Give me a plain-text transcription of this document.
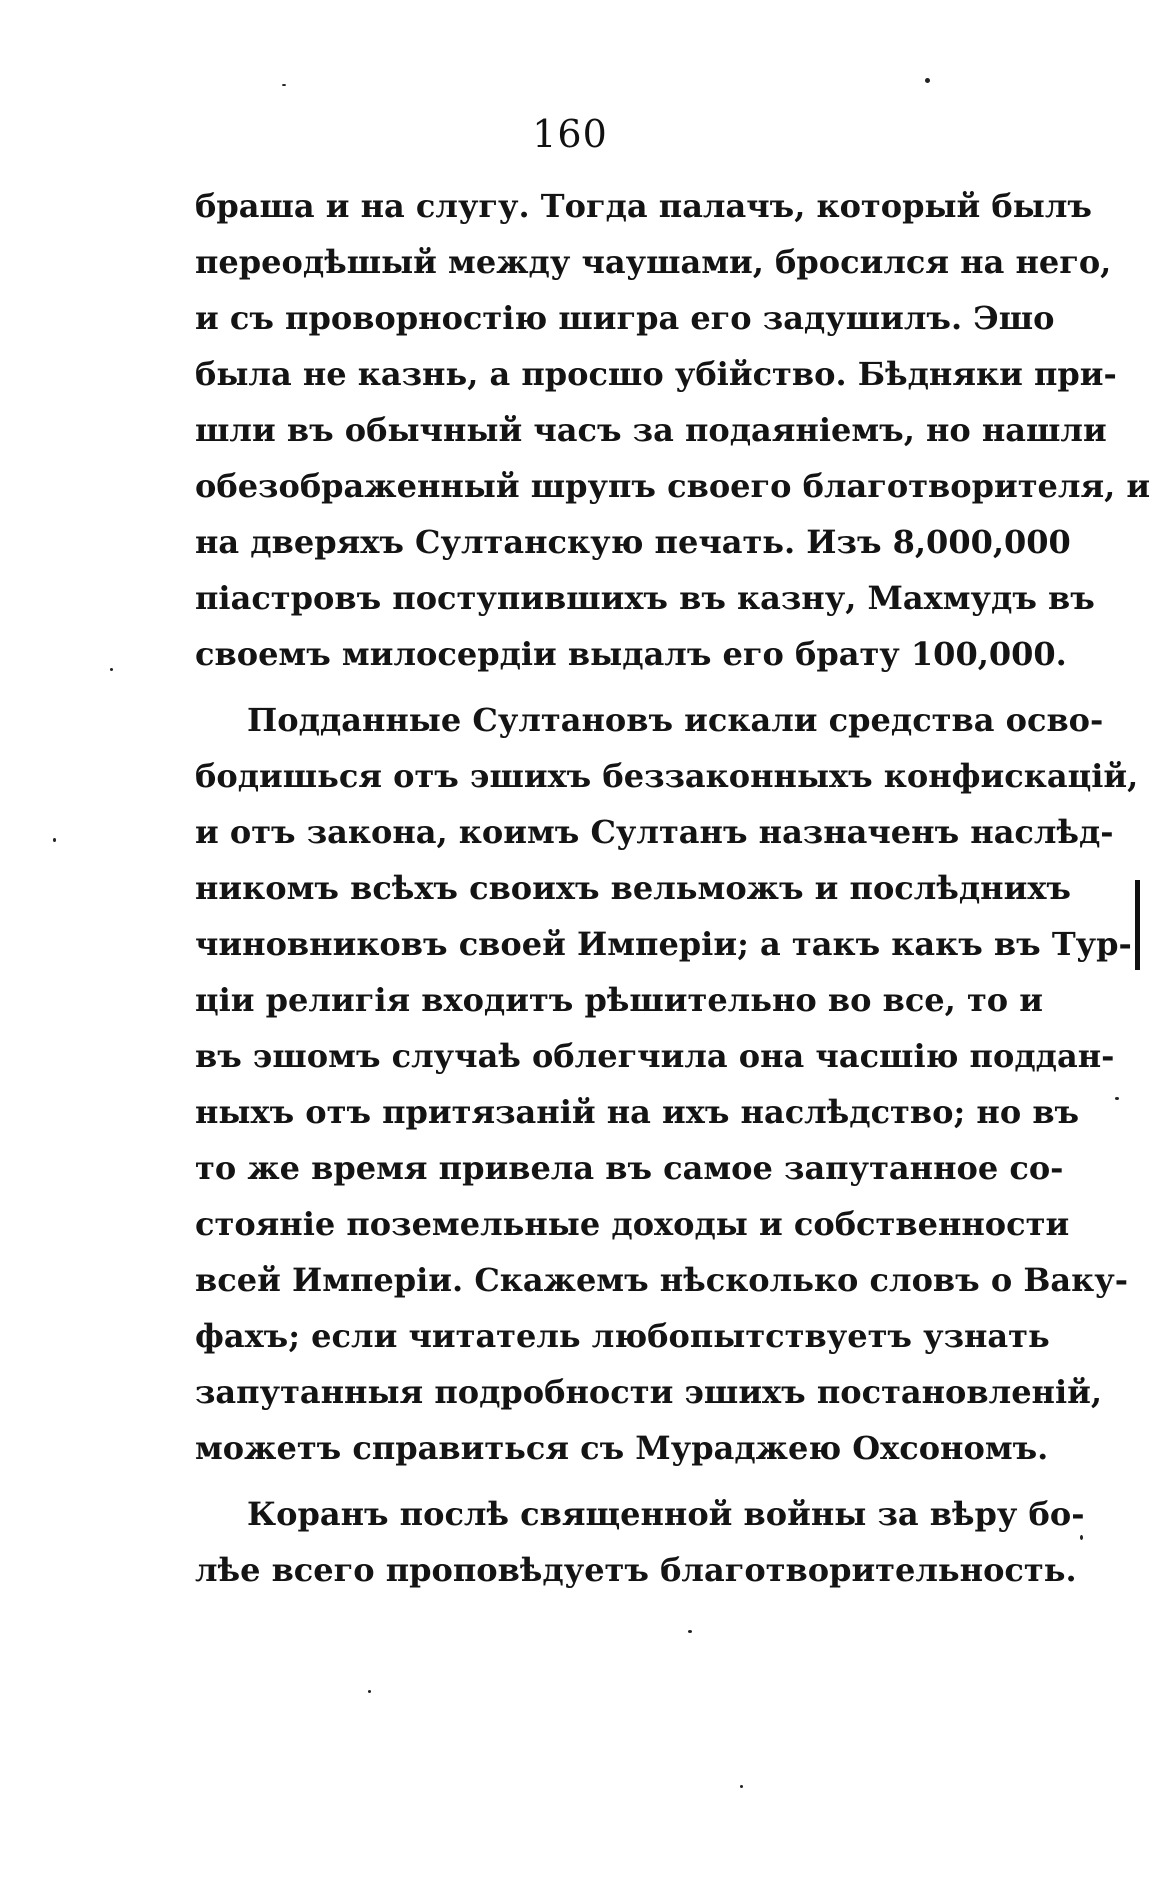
160
браша и на слугу. Тогда палачъ, который былъ
переодѣшый между чаушами, бросился на него,
и съ проворностію шигра его задушилъ. Эшо
была не казнь, а просшо убійство. Бѣдняки при-
шли въ обычный часъ за подаяніемъ, но нашли
обезображенный шрупъ своего благотворителя, и
на дверяхъ Султанскую печать. Изъ 8,000,000
піастровъ поступившихъ въ казну, Махмудъ въ
своемъ милосердіи выдалъ его брату 100,000.
Подданные Султановъ искали средства осво-
бодишься отъ эшихъ беззаконныхъ конфискацій,
и отъ закона, коимъ Султанъ назначенъ наслѣд-
никомъ всѣхъ своихъ вельможъ и послѣднихъ
чиновниковъ своей Имперіи; а такъ какъ въ Тур-
ціи религія входитъ рѣшительно во все, то и
въ эшомъ случаѣ облегчила она часшію поддан-
ныхъ отъ притязаній на ихъ наслѣдство; но въ
то же время привела въ самое запутанное со-
стояніе поземельные доходы и собственности
всей Имперіи. Скажемъ нѣсколько словъ о Ваку-
фахъ; если читатель любопытствуетъ узнать
запутанныя подробности эшихъ постановленій,
можетъ справиться съ Мураджею Охсономъ.
Коранъ послѣ священной войны за вѣру бо-
лѣе всего проповѣдуетъ благотворительность.
